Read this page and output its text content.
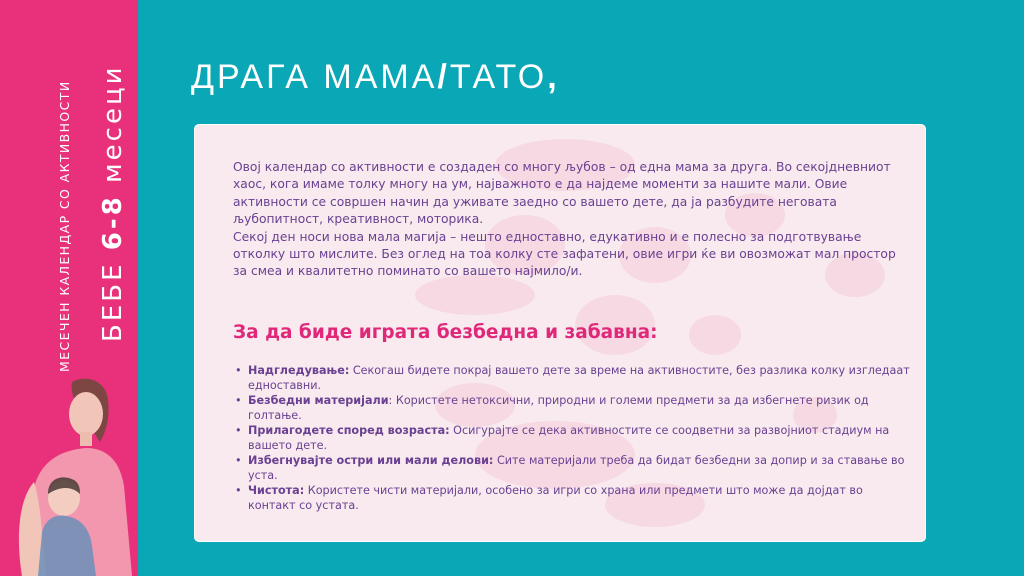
МЕСЕЧЕН КАЛЕНДАР СО АКТИВНОСТИ БЕБЕ 6-8 месеци ДРАГА МАМА/ТАТО,

Овој календар со активности е создаден со многу љубов – од една мама за друга. Во секојдневниот хаос, кога имаме толку многу на ум, најважното е да најдеме моменти за нашите мали. Овие активности се совршен начин да уживате заедно со вашето дете, да ја разбудите неговата љубопитност, креативност, моторика.

Секој ден носи нова мала магија – нешто едноставно, едукативно и е полесно за подготвување отколку што мислите. Без оглед на тоа колку сте зафатени, овие игри ќе ви овозможат мал простор за смеа и квалитетно поминато со вашето најмило/и.

За да биде играта безбедна и забавна:
• Надгледување: Секогаш бидете покрај вашето дете за време на активностите, без разлика колку изгледаат едноставни.
• Безбедни материјали: Користете нетоксични, природни и големи предмети за да избегнете ризик од голтање.
• Прилагодете според возраста: Осигурајте се дека активностите се соодветни за развојниот стадиум на вашето дете.
• Избегнувајте остри или мали делови: Сите материјали треба да бидат безбедни за допир и за ставање во уста.
• Чистота: Користете чисти материјали, особено за игри со храна или предмети што може да дојдат во контакт со устата.
